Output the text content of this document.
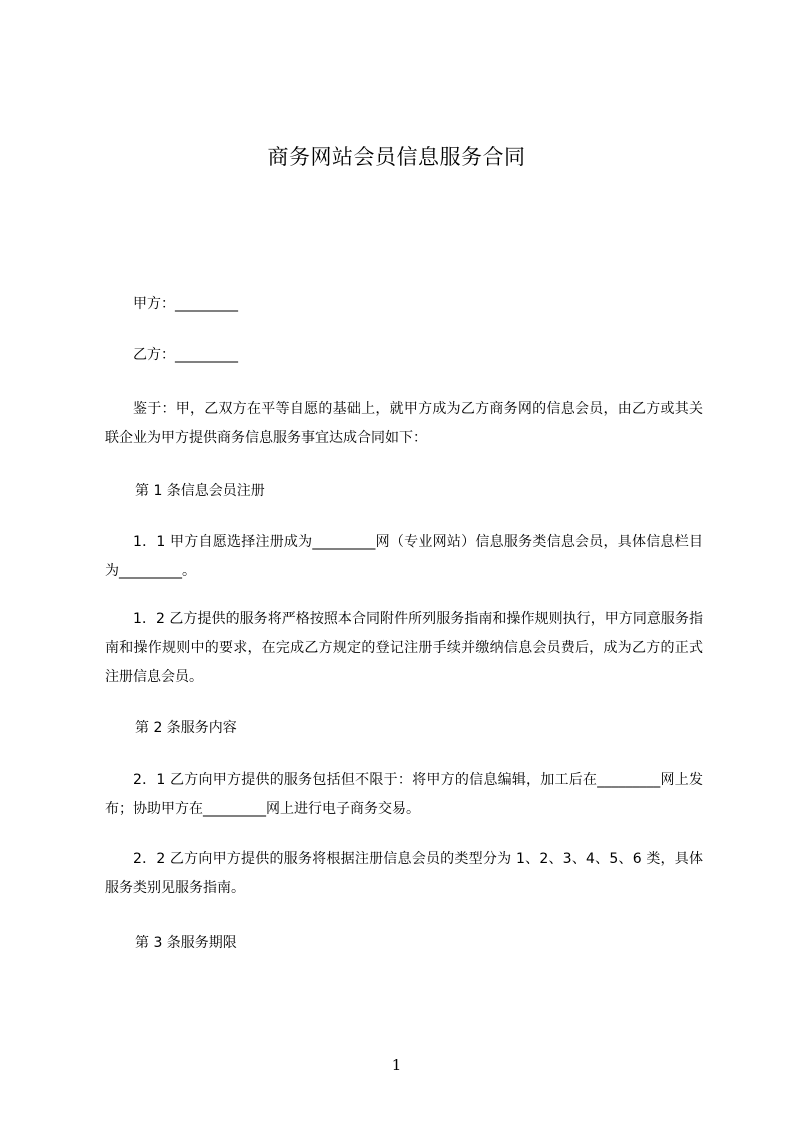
商务网站会员信息服务合同

甲方：_________

乙方：_________

鉴于：甲，乙双方在平等自愿的基础上，就甲方成为乙方商务网的信息会员，由乙方或其关联企业为甲方提供商务信息服务事宜达成合同如下：

第 1 条信息会员注册

1．1 甲方自愿选择注册成为_________网（专业网站）信息服务类信息会员，具体信息栏目为_________。

1．2 乙方提供的服务将严格按照本合同附件所列服务指南和操作规则执行，甲方同意服务指南和操作规则中的要求，在完成乙方规定的登记注册手续并缴纳信息会员费后，成为乙方的正式注册信息会员。

第 2 条服务内容

2．1 乙方向甲方提供的服务包括但不限于：将甲方的信息编辑，加工后在_________网上发布；协助甲方在_________网上进行电子商务交易。

2．2 乙方向甲方提供的服务将根据注册信息会员的类型分为 1、2、3、4、5、6 类，具体服务类别见服务指南。

第 3 条服务期限

1
